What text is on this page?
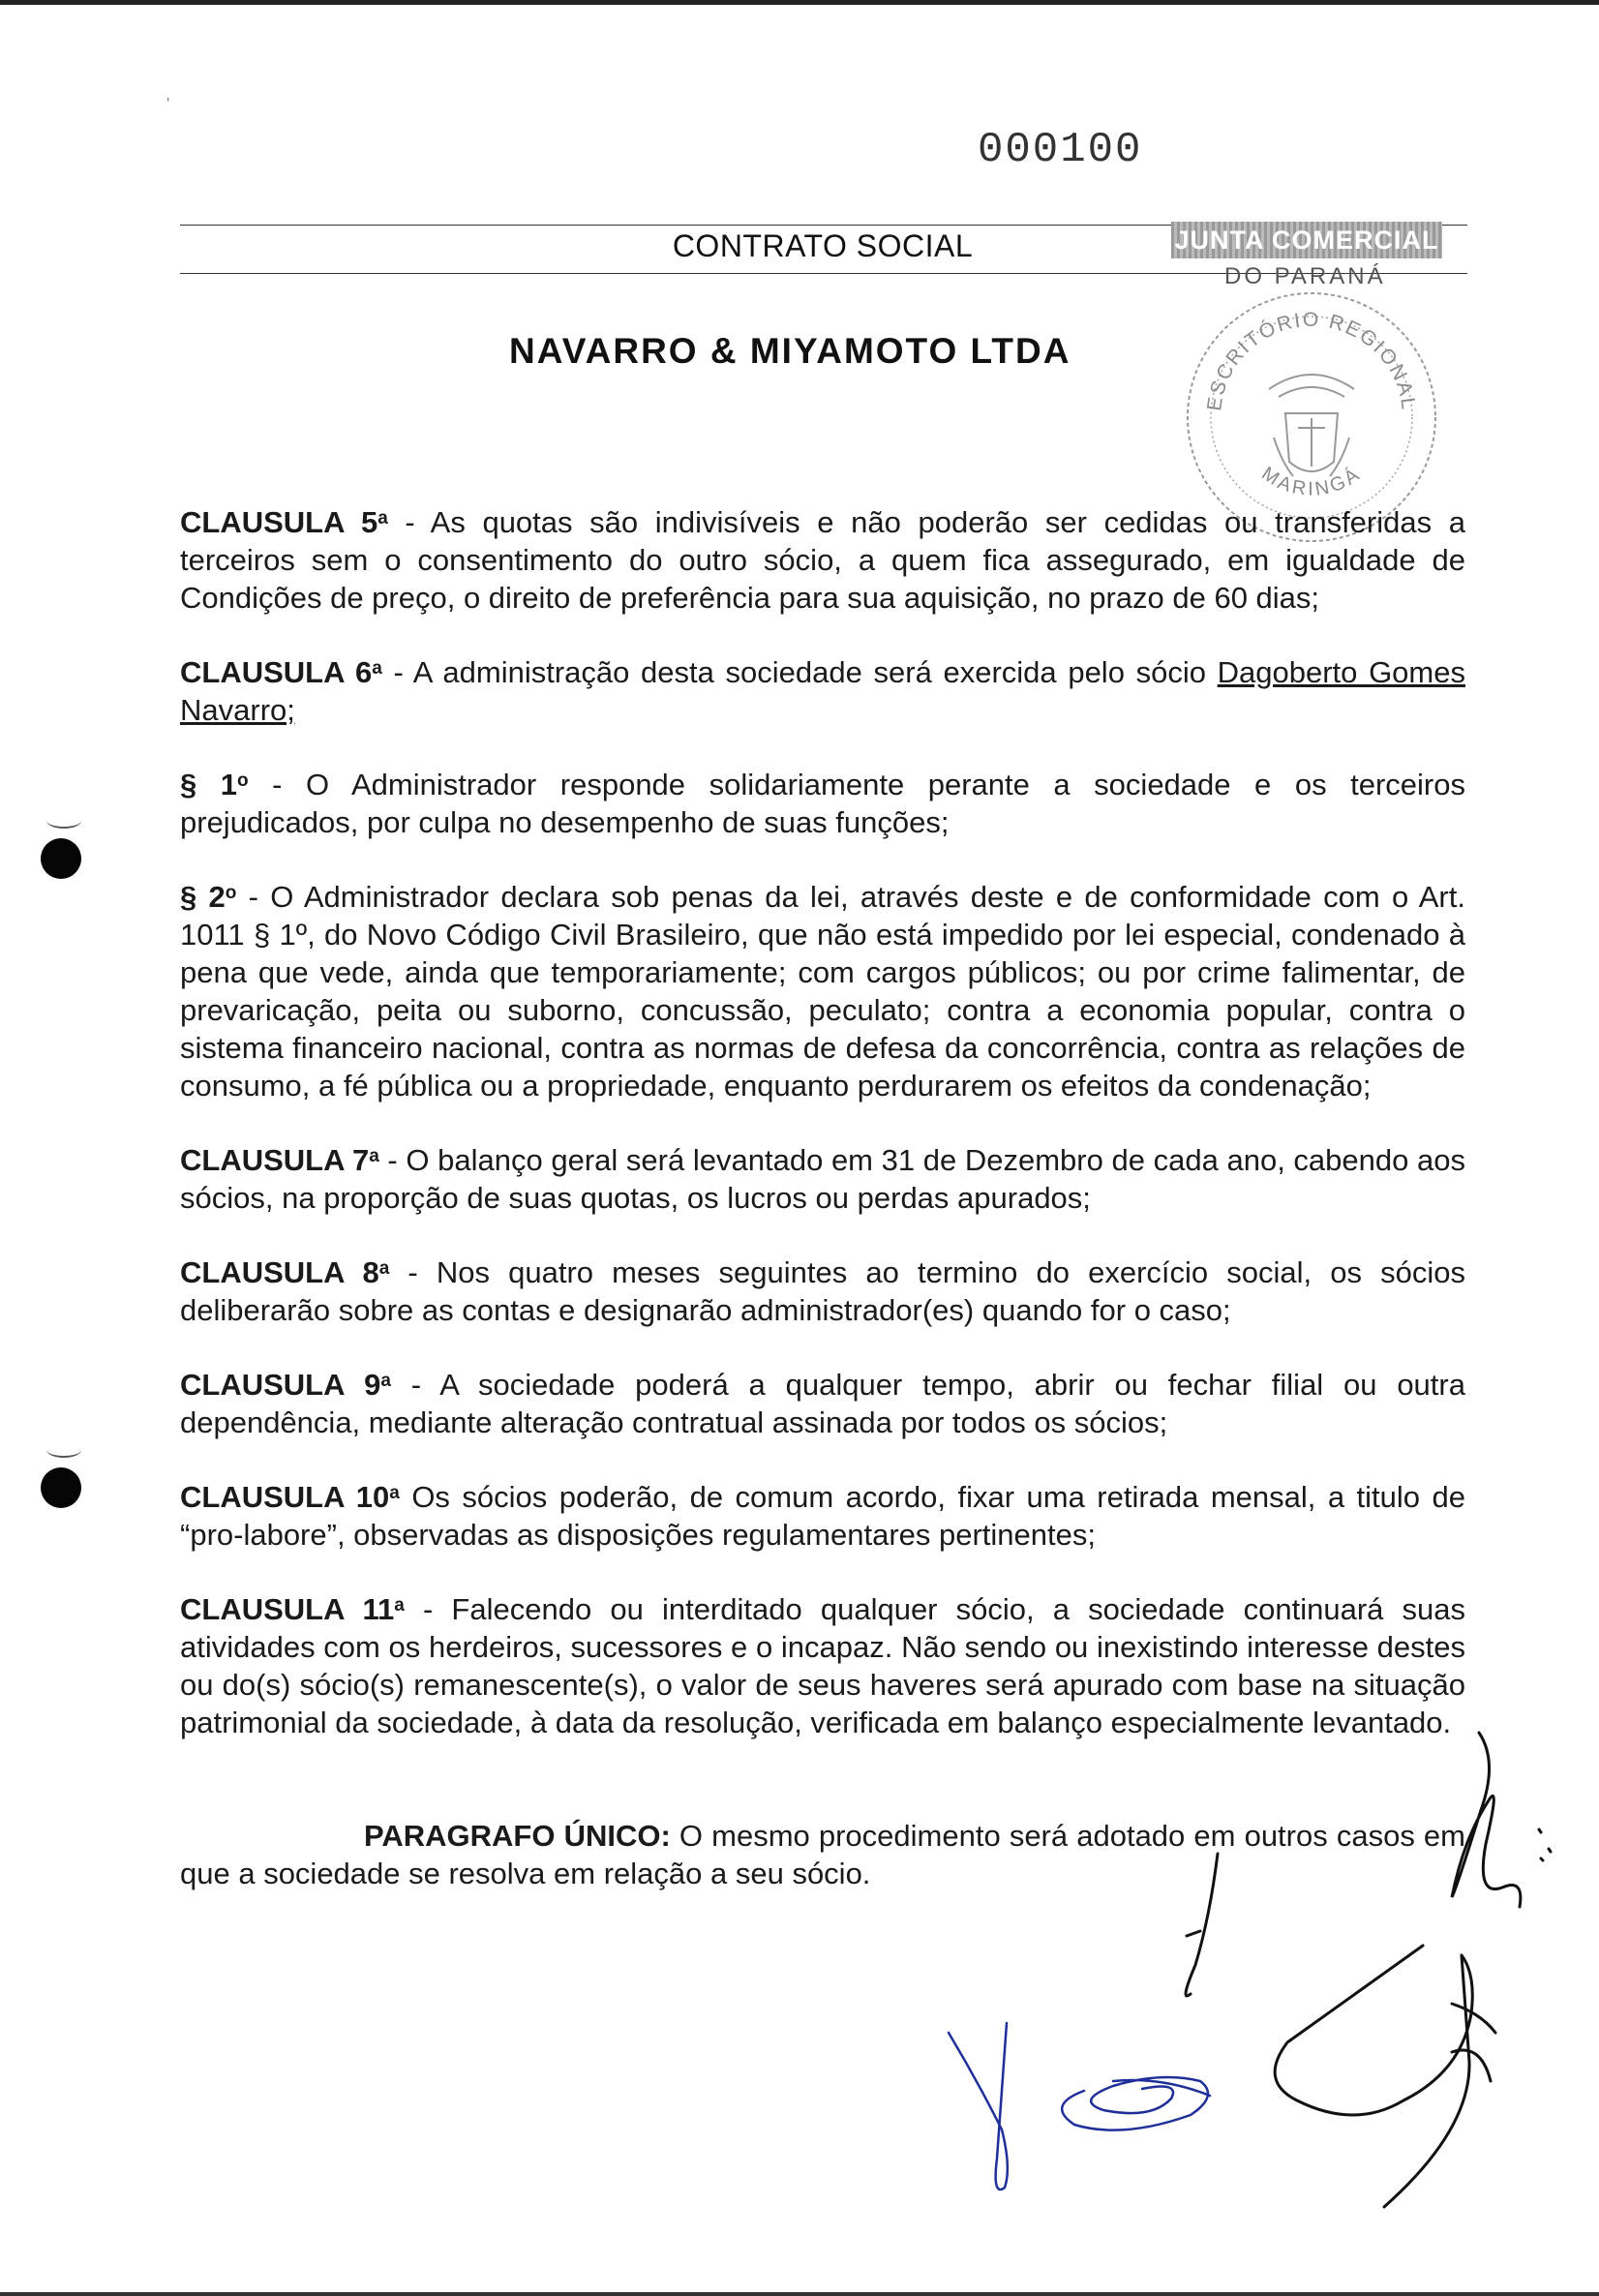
000100
CONTRATO SOCIAL	JUNTA COMERCIAL
DO PARANÁ
NAVARRO & MIYAMOTO LTDA
ESCRITÓRIO REGIONAL
MARINGÁ

CLAUSULA 5$^a$ - As quotas são indivisíveis e não poderão ser cedidas ou transferidas a terceiros sem o consentimento do outro sócio, a quem fica assegurado, em igualdade de Condições de preço, o direito de preferência para sua aquisição, no prazo de 60 dias;

CLAUSULA 6$^a$ - A administração desta sociedade será exercida pelo sócio Dagoberto Gomes Navarro;

§ 1$^o$ - O Administrador responde solidariamente perante a sociedade e os terceiros prejudicados, por culpa no desempenho de suas funções;

§ 2$^o$ - O Administrador declara sob penas da lei, através deste e de conformidade com o Art. 1011 § 1º, do Novo Código Civil Brasileiro, que não está impedido por lei especial, condenado à pena que vede, ainda que temporariamente; com cargos públicos; ou por crime falimentar, de prevaricação, peita ou suborno, concussão, peculato; contra a economia popular, contra o sistema financeiro nacional, contra as normas de defesa da concorrência, contra as relações de consumo, a fé pública ou a propriedade, enquanto perdurarem os efeitos da condenação;

CLAUSULA 7$^a$ - O balanço geral será levantado em 31 de Dezembro de cada ano, cabendo aos sócios, na proporção de suas quotas, os lucros ou perdas apurados;

CLAUSULA 8$^a$ - Nos quatro meses seguintes ao termino do exercício social, os sócios deliberarão sobre as contas e designarão administrador(es) quando for o caso;

CLAUSULA 9$^a$ - A sociedade poderá a qualquer tempo, abrir ou fechar filial ou outra dependência, mediante alteração contratual assinada por todos os sócios;

CLAUSULA 10$^a$ Os sócios poderão, de comum acordo, fixar uma retirada mensal, a titulo de “pro-labore”, observadas as disposições regulamentares pertinentes;

CLAUSULA 11$^a$ - Falecendo ou interditado qualquer sócio, a sociedade continuará suas atividades com os herdeiros, sucessores e o incapaz. Não sendo ou inexistindo interesse destes ou do(s) sócio(s) remanescente(s), o valor de seus haveres será apurado com base na situação patrimonial da sociedade, à data da resolução, verificada em balanço especialmente levantado.

PARAGRAFO ÚNICO: O mesmo procedimento será adotado em outros casos em que a sociedade se resolva em relação a seu sócio.

ˌ
